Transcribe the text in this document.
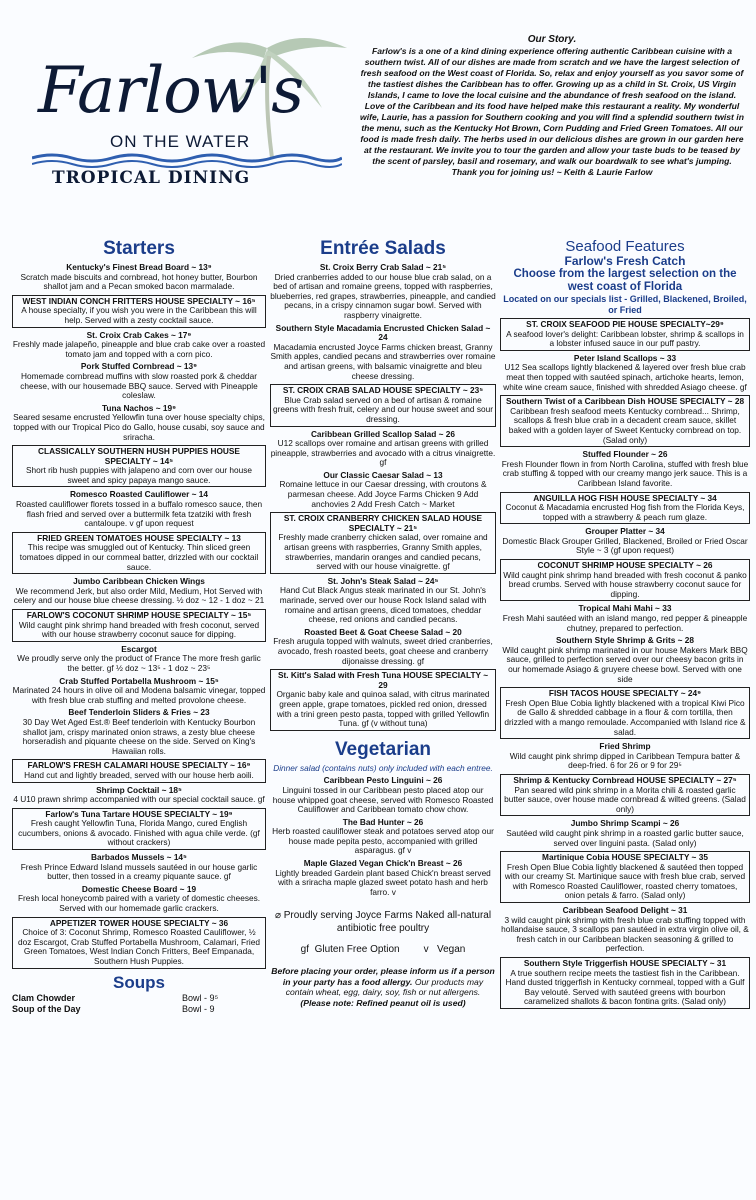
Farlow's
ON THE WATER
TROPICAL DINING
Our Story.

Farlow's is a one of a kind dining experience offering authentic Caribbean cuisine with a southern twist. All of our dishes are made from scratch and we have the largest selection of fresh seafood on the West coast of Florida. So, relax and enjoy yourself as you savor some of the tastiest dishes the Caribbean has to offer. Growing up as a child in St. Croix, US Virgin Islands, I came to love the local cuisine and the abundance of fresh seafood on the island. Love of the Caribbean and its food have helped make this restaurant a reality. My wonderful wife, Laurie, has a passion for Southern cooking and you will find a splendid southern twist in the menu, such as the Kentucky Hot Brown, Corn Pudding and Fried Green Tomatoes. All our food is made fresh daily. The herbs used in our delicious dishes are grown in our garden here at the restaurant. We invite you to tour the garden and allow your taste buds to be teased by the scent of parsley, basil and rosemary, and walk our boardwalk to see what's jumping.

Thank you for joining us! ~ Keith & Laurie Farlow

Starters
Kentucky's Finest Bread Board ~ 13⁹
Scratch made biscuits and cornbread, hot honey butter, Bourbon shallot jam and a Pecan smoked bacon marmalade.
WEST INDIAN CONCH FRITTERS HOUSE SPECIALTY ~ 16⁵
A house specialty, if you wish you were in the Caribbean this will help. Served with a zesty cocktail sauce.
St. Croix Crab Cakes ~ 17⁹
Freshly made jalapeño, pineapple and blue crab cake over a roasted tomato jam and topped with a corn pico.
Pork Stuffed Cornbread ~ 13⁹
Homemade cornbread muffins with slow roasted pork & cheddar cheese, with our housemade BBQ sauce. Served with Pineapple coleslaw.
Tuna Nachos ~ 19⁹
Seared sesame encrusted Yellowfin tuna over house specialty chips, topped with our Tropical Pico do Gallo, house cusabi, soy sauce and sriracha.
CLASSICALLY SOUTHERN HUSH PUPPIES HOUSE SPECIALTY ~ 14⁵
Short rib hush puppies with jalapeno and corn over our house sweet and spicy papaya mango sauce.
Romesco Roasted Cauliflower ~ 14
Roasted cauliflower florets tossed in a buffalo romesco sauce, then flash fried and served over a buttermilk feta tzatziki with fresh cantaloupe. v gf upon request
FRIED GREEN TOMATOES HOUSE SPECIALTY ~ 13
This recipe was smuggled out of Kentucky. Thin sliced green tomatoes dipped in our cornmeal batter, drizzled with our cocktail sauce.
Jumbo Caribbean Chicken Wings
We recommend Jerk, but also order Mild, Medium, Hot Served with celery and our house blue cheese dressing. ½ doz ~ 12 - 1 doz ~ 21
FARLOW'S COCONUT SHRIMP HOUSE SPECIALTY ~ 15⁵
Wild caught pink shrimp hand breaded with fresh coconut, served with our house strawberry coconut sauce for dipping.
Escargot
We proudly serve only the product of France The more fresh garlic the better. gf ½ doz ~ 13⁵ - 1 doz ~ 23⁵
Crab Stuffed Portabella Mushroom ~ 15⁵
Marinated 24 hours in olive oil and Modena balsamic vinegar, topped with fresh blue crab stuffing and melted provolone cheese.
Beef Tenderloin Sliders & Fries ~ 23
30 Day Wet Aged Est.® Beef tenderloin with Kentucky Bourbon shallot jam, crispy marinated onion straws, a zesty blue cheese horseradish and piquante cheese on the side. Served on King's Hawaiian rolls.
FARLOW'S FRESH CALAMARI HOUSE SPECIALTY ~ 16⁹
Hand cut and lightly breaded, served with our house herb aoili.
Shrimp Cocktail ~ 18⁵
4 U10 prawn shrimp accompanied with our special cocktail sauce. gf
Farlow's Tuna Tartare HOUSE SPECIALTY ~ 19⁹
Fresh caught Yellowfin Tuna, Florida Mango, cured English cucumbers, onions & avocado. Finished with agua chile verde. (gf without crackers)
Barbados Mussels ~ 14⁵
Fresh Prince Edward Island mussels sautéed in our house garlic butter, then tossed in a creamy piquante sauce. gf
Domestic Cheese Board ~ 19
Fresh local honeycomb paired with a variety of domestic cheeses. Served with our homemade garlic crackers.
APPETIZER TOWER HOUSE SPECIALTY ~ 36
Choice of 3: Coconut Shrimp, Romesco Roasted Cauliflower, ½ doz Escargot, Crab Stuffed Portabella Mushroom, Calamari, Fried Green Tomatoes, West Indian Conch Fritters, Beef Empanada, Southern Hush Puppies.
Soups
Clam Chowder	Bowl - 9⁵
Soup of the Day	Bowl - 9
Entrée Salads
St. Croix Berry Crab Salad ~ 21⁵
Dried cranberries added to our house blue crab salad, on a bed of artisan and romaine greens, topped with raspberries, blueberries, red grapes, strawberries, pineapple, and candied pecans, in a crispy cinnamon sugar bowl. Served with raspberry vinaigrette.
Southern Style Macadamia Encrusted Chicken Salad ~ 24
Macadamia encrusted Joyce Farms chicken breast, Granny Smith apples, candied pecans and strawberries over romaine and artisan greens, with balsamic vinaigrette and bleu cheese dressing.
ST. CROIX CRAB SALAD HOUSE SPECIALTY ~ 23⁵
Blue Crab salad served on a bed of artisan & romaine greens with fresh fruit, celery and our house sweet and sour dressing.
Caribbean Grilled Scallop Salad ~ 26
U12 scallops over romaine and artisan greens with grilled pineapple, strawberries and avocado with a citrus vinaigrette. gf
Our Classic Caesar Salad ~ 13
Romaine lettuce in our Caesar dressing, with croutons & parmesan cheese. Add Joyce Farms Chicken 9 Add anchovies 2 Add Fresh Catch ~ Market
ST. CROIX CRANBERRY CHICKEN SALAD HOUSE SPECIALTY ~ 21⁵
Freshly made cranberry chicken salad, over romaine and artisan greens with raspberries, Granny Smith apples, strawberries, mandarin oranges and candied pecans, served with our house vinaigrette. gf
St. John's Steak Salad ~ 24⁵
Hand Cut Black Angus steak marinated in our St. John's marinade, served over our house Rock Island salad with romaine and artisan greens, diced tomatoes, cheddar cheese, red onions and candied pecans.
Roasted Beet & Goat Cheese Salad ~ 20
Fresh arugula topped with walnuts, sweet dried cranberries, avocado, fresh roasted beets, goat cheese and cranberry dijonaisse dressing. gf
St. Kitt's Salad with Fresh Tuna HOUSE SPECIALTY ~ 29
Organic baby kale and quinoa salad, with citrus marinated green apple, grape tomatoes, pickled red onion, dressed with a trini green pesto pasta, topped with grilled Yellowfin Tuna. gf (v without tuna)
Vegetarian
Dinner salad (contains nuts) only included with each entree.
Caribbean Pesto Linguini ~ 26
Linguini tossed in our Caribbean pesto placed atop our house whipped goat cheese, served with Romesco Roasted Cauliflower and Caribbean tomato chow chow.
The Bad Hunter ~ 26
Herb roasted cauliflower steak and potatoes served atop our house made pepita pesto, accompanied with grilled asparagus. gf v
Maple Glazed Vegan Chick'n Breast ~ 26
Lightly breaded Gardein plant based Chick'n breast served with a sriracha maple glazed sweet potato hash and herb farro. v
⌀ Proudly serving Joyce Farms Naked all-natural antibiotic free poultry
gf Gluten Free Option v Vegan
Before placing your order, please inform us if a person in your party has a food allergy. Our products may contain wheat, egg, dairy, soy, fish or nut allergens.
(Please note: Refined peanut oil is used)
Seafood Features
Farlow's Fresh Catch
Choose from the largest selection on the west coast of Florida
Located on our specials list - Grilled, Blackened, Broiled, or Fried
ST. CROIX SEAFOOD PIE HOUSE SPECIALTY~29⁹
A seafood lover's delight: Caribbean lobster, shrimp & scallops in a lobster infused sauce in our puff pastry.
Peter Island Scallops ~ 33
U12 Sea scallops lightly blackened & layered over fresh blue crab meat then topped with sautéed spinach, artichoke hearts, lemon, white wine cream sauce, finished with shredded Asiago cheese. gf
Southern Twist of a Caribbean Dish HOUSE SPECIALTY ~ 28
Caribbean fresh seafood meets Kentucky cornbread... Shrimp, scallops & fresh blue crab in a decadent cream sauce, skillet baked with a golden layer of Sweet Kentucky cornbread on top. (Salad only)
Stuffed Flounder ~ 26
Fresh Flounder flown in from North Carolina, stuffed with fresh blue crab stuffing & topped with our creamy mango jerk sauce. This is a Caribbean Island favorite.
ANGUILLA HOG FISH HOUSE SPECIALTY ~ 34
Coconut & Macadamia encrusted Hog fish from the Florida Keys, topped with a strawberry & peach rum glaze.
Grouper Platter ~ 34
Domestic Black Grouper Grilled, Blackened, Broiled or Fried Oscar Style ~ 3 (gf upon request)
COCONUT SHRIMP HOUSE SPECIALTY ~ 26
Wild caught pink shrimp hand breaded with fresh coconut & panko bread crumbs. Served with house strawberry coconut sauce for dipping.
Tropical Mahi Mahi ~ 33
Fresh Mahi sautéed with an island mango, red pepper & pineapple chutney, prepared to perfection.
Southern Style Shrimp & Grits ~ 28
Wild caught pink shrimp marinated in our house Makers Mark BBQ sauce, grilled to perfection served over our cheesy bacon grits in our homemade Asiago & gruyere cheese bowl. Served with one side
FISH TACOS HOUSE SPECIALTY ~ 24⁹
Fresh Open Blue Cobia lightly blackened with a tropical Kiwi Pico de Gallo & shredded cabbage in a flour & corn tortilla, then drizzled with a mango remoulade. Accompanied with Island rice & salad.
Fried Shrimp
Wild caught pink shrimp dipped in Caribbean Tempura batter & deep-fried. 6 for 26 or 9 for 29⁵
Shrimp & Kentucky Cornbread HOUSE SPECIALTY ~ 27⁵
Pan seared wild pink shrimp in a Morita chili & roasted garlic butter sauce, over house made cornbread & wilted greens. (Salad only)
Jumbo Shrimp Scampi ~ 26
Sautéed wild caught pink shrimp in a roasted garlic butter sauce, served over linguini pasta. (Salad only)
Martinique Cobia HOUSE SPECIALTY ~ 35
Fresh Open Blue Cobia lightly blackened & sautéed then topped with our creamy St. Martinique sauce with fresh blue crab, served with Romesco Roasted Cauliflower, roasted cherry tomatoes, onion petals & farro. (Salad only)
Caribbean Seafood Delight ~ 31
3 wild caught pink shrimp with fresh blue crab stuffing topped with hollandaise sauce, 3 scallops pan sautéed in extra virgin olive oil, & fresh catch in our Caribbean blacken seasoning & grilled to perfection.
Southern Style Triggerfish HOUSE SPECIALTY ~ 31
A true southern recipe meets the tastiest fish in the Caribbean. Hand dusted triggerfish in Kentucky cornmeal, topped with a Gulf Bay velouté. Served with sautéed greens with bourbon caramelized shallots & bacon fontina grits. (Salad only)
